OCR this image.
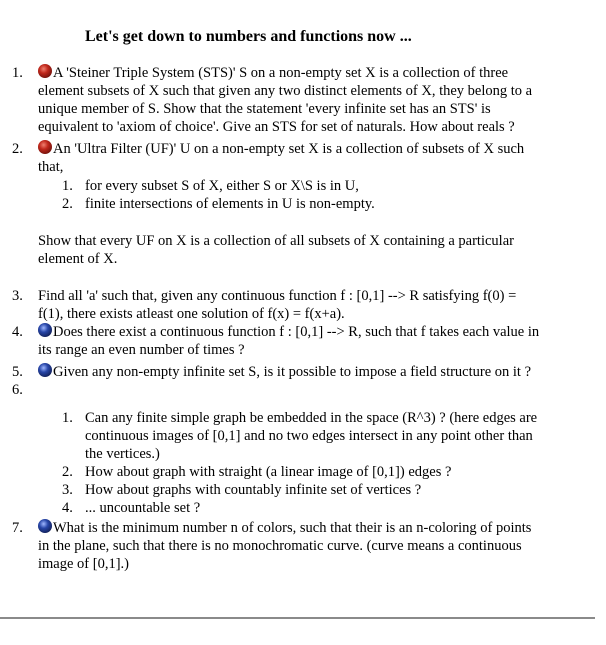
Let's get down to numbers and functions now ...
1.	A 'Steiner Triple System (STS)' S on a non-empty set X is a collection of three
element subsets of X such that given any two distinct elements of X, they belong to a
unique member of S. Show that the statement 'every infinite set has an STS' is
equivalent to 'axiom of choice'. Give an STS for set of naturals. How about reals ?
2.	An 'Ultra Filter (UF)' U on a non-empty set X is a collection of subsets of X such
that,
1. for every subset S of X, either S or X\S is in U,
2. finite intersections of elements in U is non-empty.
Show that every UF on X is a collection of all subsets of X containing a particular
element of X.
3. Find all 'a' such that, given any continuous function f : [0,1] --> R satisfying f(0) =
f(1), there exists atleast one solution of f(x) = f(x+a).
4.	Does there exist a continuous function f : [0,1] --> R, such that f takes each value in
its range an even number of times ?
5.	Given any non-empty infinite set S, is it possible to impose a field structure on it ?
6.

1. Can any finite simple graph be embedded in the space (R^3) ? (here edges are
continuous images of [0,1] and no two edges intersect in any point other than
the vertices.)
2. How about graph with straight (a linear image of [0,1]) edges ?
3. How about graphs with countably infinite set of vertices ?
4. ... uncountable set ?
7.	What is the minimum number n of colors, such that their is an n-coloring of points
in the plane, such that there is no monochromatic curve. (curve means a continuous
image of [0,1].)
